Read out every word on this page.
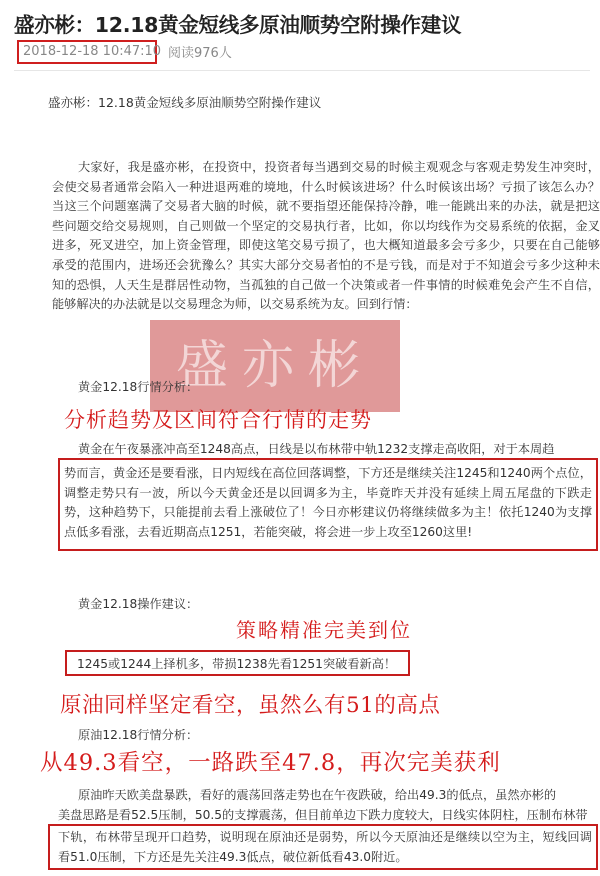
盛亦彬：12.18黄金短线多原油顺势空附操作建议
2018-12-18 10:47:10 阅读976人
盛亦彬：12.18黄金短线多原油顺势空附操作建议
大家好，我是盛亦彬，在投资中，投资者每当遇到交易的时候主观观念与客观走势发生冲突时，会使交易者通常会陷入一种进退两难的境地，什么时候该进场？什么时候该出场？亏损了该怎么办？当这三个问题塞满了交易者大脑的时候，就不要指望还能保持冷静，唯一能跳出来的办法，就是把这些问题交给交易规则，自己则做一个坚定的交易执行者，比如，你以均线作为交易系统的依据，金叉进多，死叉进空，加上资金管理，即使这笔交易亏损了，也大概知道最多会亏多少，只要在自己能够承受的范围内，进场还会犹豫么？其实大部分交易者怕的不是亏钱，而是对于不知道会亏多少这种未知的恐惧，人天生是群居性动物，当孤独的自己做一个决策或者一件事情的时候难免会产生不自信，能够解决的办法就是以交易理念为师，以交易系统为友。回到行情：
盛亦彬
黄金12.18行情分析：
分析趋势及区间符合行情的走势
黄金在午夜暴涨冲高至1248高点，日线是以布林带中轨1232支撑走高收阳，对于本周趋
势而言，黄金还是要看涨，日内短线在高位回落调整，下方还是继续关注1245和1240两个点位，调整走势只有一波，所以今天黄金还是以回调多为主，毕竟昨天并没有延续上周五尾盘的下跌走势，这种趋势下，只能提前去看上涨破位了！今日亦彬建议仍将继续做多为主！依托1240为支撑点低多看涨，去看近期高点1251，若能突破，将会进一步上攻至1260这里!
黄金12.18操作建议：
策略精准完美到位
1245或1244上择机多，带损1238先看1251突破看新高！
原油同样坚定看空，虽然么有51的高点
原油12.18行情分析：
从49.3看空，一路跌至47.8，再次完美获利
原油昨天欧美盘暴跌，看好的震荡回落走势也在午夜跌破，给出49.3的低点，虽然亦彬的
美盘思路是看52.5压制，50.5的支撑震荡，但目前单边下跌力度较大，日线实体阴柱，压制布林带
下轨，布林带呈现开口趋势，说明现在原油还是弱势，所以今天原油还是继续以空为主，短线回调看51.0压制，下方还是先关注49.3低点，破位新低看43.0附近。
